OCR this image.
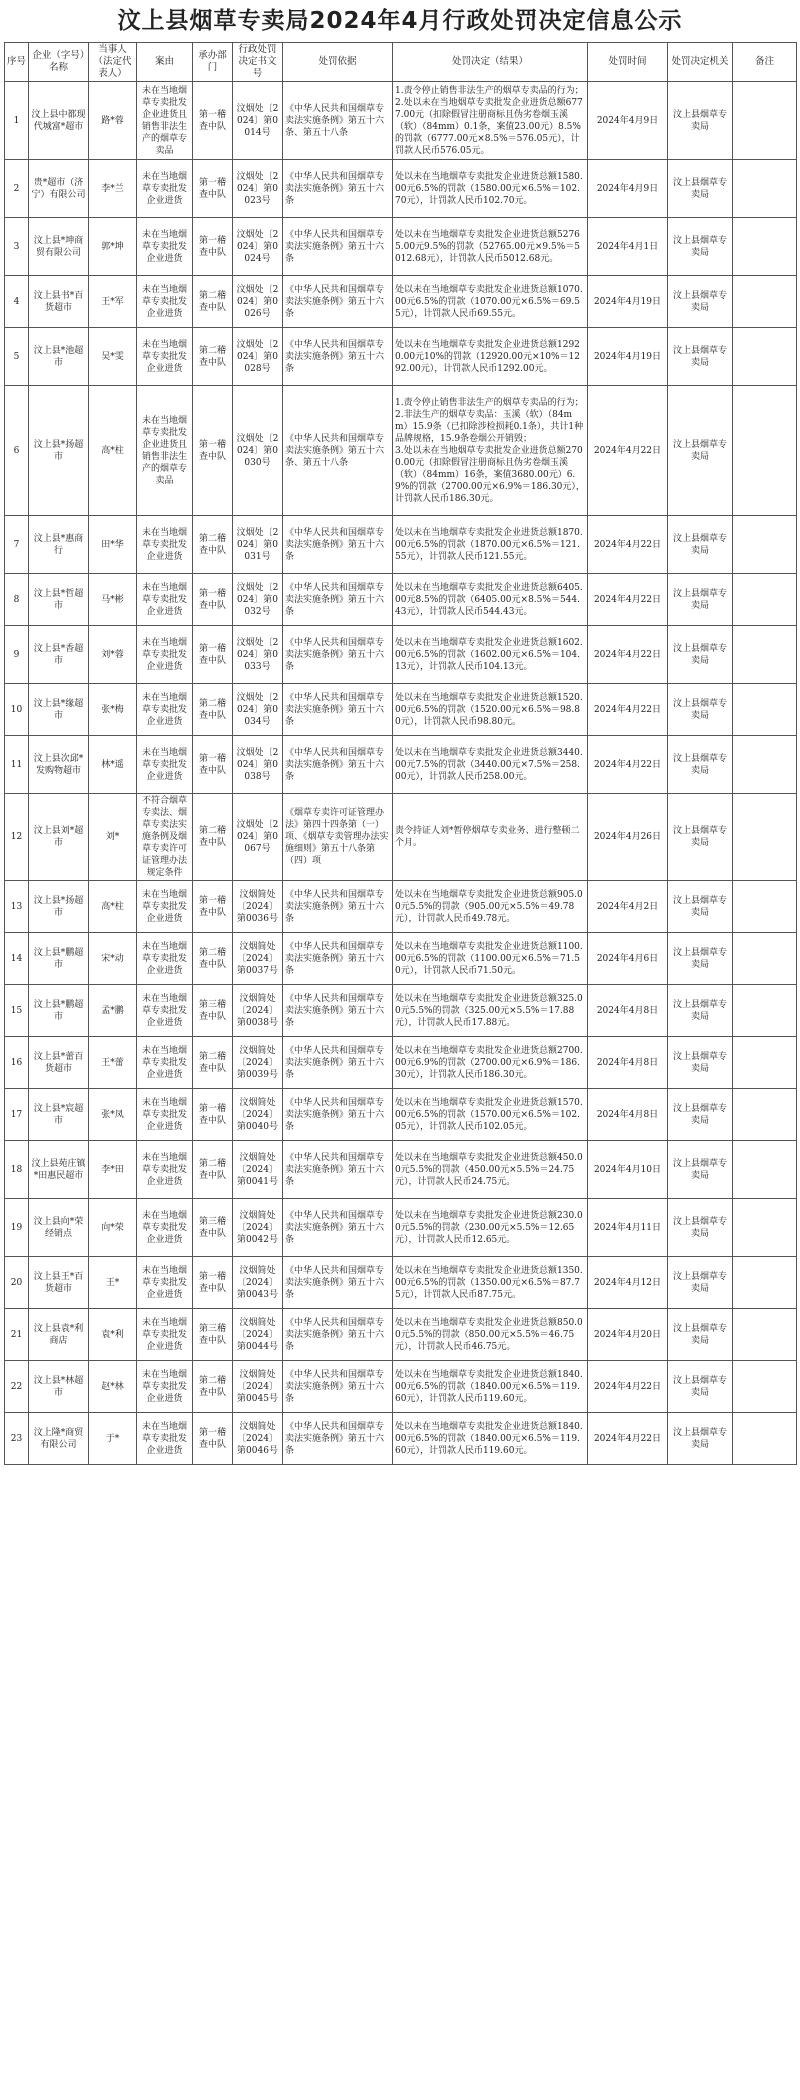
汶上县烟草专卖局2024年4月行政处罚决定信息公示
序号	企业（字号）名称	当事人（法定代表人）	案由	承办部门	行政处罚决定书文号	处罚依据	处罚决定（结果）	处罚时间	处罚决定机关	备注
1	汶上县中都现代城富*超市	路*蓉	未在当地烟草专卖批发企业进货且销售非法生产的烟草专卖品	第一稽查中队	汶烟处〔2024〕第0014号	《中华人民共和国烟草专卖法实施条例》第五十六条、第五十八条	1.责令停止销售非法生产的烟草专卖品的行为；
2.处以未在当地烟草专卖批发企业进货总额6777.00元（扣除假冒注册商标且伪劣卷烟玉溪（软）（84mm）0.1条，案值23.00元）8.5%的罚款（6777.00元×8.5%＝576.05元），计罚款人民币576.05元。	2024年4月9日	汶上县烟草专卖局	
2	贵*超市（济宁）有限公司	李*兰	未在当地烟草专卖批发企业进货	第一稽查中队	汶烟处〔2024〕第0023号	《中华人民共和国烟草专卖法实施条例》第五十六条	处以未在当地烟草专卖批发企业进货总额1580.00元6.5%的罚款（1580.00元×6.5%＝102.70元），计罚款人民币102.70元。	2024年4月9日	汶上县烟草专卖局	
3	汶上县*坤商贸有限公司	郭*坤	未在当地烟草专卖批发企业进货	第一稽查中队	汶烟处〔2024〕第0024号	《中华人民共和国烟草专卖法实施条例》第五十六条	处以未在当地烟草专卖批发企业进货总额52765.00元9.5%的罚款（52765.00元×9.5%＝5012.68元），计罚款人民币5012.68元。	2024年4月1日	汶上县烟草专卖局	
4	汶上县书*百货超市	王*军	未在当地烟草专卖批发企业进货	第二稽查中队	汶烟处〔2024〕第0026号	《中华人民共和国烟草专卖法实施条例》第五十六条	处以未在当地烟草专卖批发企业进货总额1070.00元6.5%的罚款（1070.00元×6.5%＝69.55元），计罚款人民币69.55元。	2024年4月19日	汶上县烟草专卖局	
5	汶上县*池超市	吴*雯	未在当地烟草专卖批发企业进货	第二稽查中队	汶烟处〔2024〕第0028号	《中华人民共和国烟草专卖法实施条例》第五十六条	处以未在当地烟草专卖批发企业进货总额12920.00元10%的罚款（12920.00元×10%＝1292.00元），计罚款人民币1292.00元。	2024年4月19日	汶上县烟草专卖局	
6	汶上县*扬超市	高*柱	未在当地烟草专卖批发企业进货且销售非法生产的烟草专卖品	第一稽查中队	汶烟处〔2024〕第0030号	《中华人民共和国烟草专卖法实施条例》第五十六条、第五十八条	1.责令停止销售非法生产的烟草专卖品的行为；
2.非法生产的烟草专卖品：玉溪（软）（84mm）15.9条（已扣除涉检损耗0.1条），共计1种品牌规格，15.9条卷烟公开销毁；
3.处以未在当地烟草专卖批发企业进货总额2700.00元（扣除假冒注册商标且伪劣卷烟玉溪（软）（84mm）16条，案值3680.00元）6.9%的罚款（2700.00元×6.9%＝186.30元），计罚款人民币186.30元。	2024年4月22日	汶上县烟草专卖局	
7	汶上县*惠商行	田*华	未在当地烟草专卖批发企业进货	第二稽查中队	汶烟处〔2024〕第0031号	《中华人民共和国烟草专卖法实施条例》第五十六条	处以未在当地烟草专卖批发企业进货总额1870.00元6.5%的罚款（1870.00元×6.5%＝121.55元），计罚款人民币121.55元。	2024年4月22日	汶上县烟草专卖局	
8	汶上县*哲超市	马*彬	未在当地烟草专卖批发企业进货	第一稽查中队	汶烟处〔2024〕第0032号	《中华人民共和国烟草专卖法实施条例》第五十六条	处以未在当地烟草专卖批发企业进货总额6405.00元8.5%的罚款（6405.00元×8.5%＝544.43元），计罚款人民币544.43元。	2024年4月22日	汶上县烟草专卖局	
9	汶上县*香超市	刘*蓉	未在当地烟草专卖批发企业进货	第一稽查中队	汶烟处〔2024〕第0033号	《中华人民共和国烟草专卖法实施条例》第五十六条	处以未在当地烟草专卖批发企业进货总额1602.00元6.5%的罚款（1602.00元×6.5%＝104.13元），计罚款人民币104.13元。	2024年4月22日	汶上县烟草专卖局	
10	汶上县*缘超市	张*梅	未在当地烟草专卖批发企业进货	第二稽查中队	汶烟处〔2024〕第0034号	《中华人民共和国烟草专卖法实施条例》第五十六条	处以未在当地烟草专卖批发企业进货总额1520.00元6.5%的罚款（1520.00元×6.5%＝98.80元），计罚款人民币98.80元。	2024年4月22日	汶上县烟草专卖局	
11	汶上县次邱*发购物超市	林*遥	未在当地烟草专卖批发企业进货	第一稽查中队	汶烟处〔2024〕第0038号	《中华人民共和国烟草专卖法实施条例》第五十六条	处以未在当地烟草专卖批发企业进货总额3440.00元7.5%的罚款（3440.00元×7.5%＝258.00元），计罚款人民币258.00元。	2024年4月22日	汶上县烟草专卖局	
12	汶上县刘*超市	刘*	不符合烟草专卖法、烟草专卖法实施条例及烟草专卖许可证管理办法规定条件	第二稽查中队	汶烟处〔2024〕第0067号	《烟草专卖许可证管理办法》第四十四条第（一）项、《烟草专卖管理办法实施细则》第五十八条第（四）项	责令持证人刘*暂停烟草专卖业务、进行整顿二个月。	2024年4月26日	汶上县烟草专卖局	
13	汶上县*扬超市	高*柱	未在当地烟草专卖批发企业进货	第一稽查中队	汶烟简处〔2024〕第0036号	《中华人民共和国烟草专卖法实施条例》第五十六条	处以未在当地烟草专卖批发企业进货总额905.00元5.5%的罚款（905.00元×5.5%＝49.78元），计罚款人民币49.78元。	2024年4月2日	汶上县烟草专卖局	
14	汶上县*鹏超市	宋*动	未在当地烟草专卖批发企业进货	第二稽查中队	汶烟简处〔2024〕第0037号	《中华人民共和国烟草专卖法实施条例》第五十六条	处以未在当地烟草专卖批发企业进货总额1100.00元6.5%的罚款（1100.00元×6.5%＝71.50元），计罚款人民币71.50元。	2024年4月6日	汶上县烟草专卖局	
15	汶上县*鹏超市	孟*鹏	未在当地烟草专卖批发企业进货	第三稽查中队	汶烟简处〔2024〕第0038号	《中华人民共和国烟草专卖法实施条例》第五十六条	处以未在当地烟草专卖批发企业进货总额325.00元5.5%的罚款（325.00元×5.5%＝17.88元），计罚款人民币17.88元。	2024年4月8日	汶上县烟草专卖局	
16	汶上县*蕾百货超市	王*蕾	未在当地烟草专卖批发企业进货	第二稽查中队	汶烟简处〔2024〕第0039号	《中华人民共和国烟草专卖法实施条例》第五十六条	处以未在当地烟草专卖批发企业进货总额2700.00元6.9%的罚款（2700.00元×6.9%＝186.30元），计罚款人民币186.30元。	2024年4月8日	汶上县烟草专卖局	
17	汶上县*宸超市	张*凤	未在当地烟草专卖批发企业进货	第一稽查中队	汶烟简处〔2024〕第0040号	《中华人民共和国烟草专卖法实施条例》第五十六条	处以未在当地烟草专卖批发企业进货总额1570.00元6.5%的罚款（1570.00元×6.5%＝102.05元），计罚款人民币102.05元。	2024年4月8日	汶上县烟草专卖局	
18	汶上县苑庄镇*田惠民超市	李*田	未在当地烟草专卖批发企业进货	第二稽查中队	汶烟简处〔2024〕第0041号	《中华人民共和国烟草专卖法实施条例》第五十六条	处以未在当地烟草专卖批发企业进货总额450.00元5.5%的罚款（450.00元×5.5%＝24.75元），计罚款人民币24.75元。	2024年4月10日	汶上县烟草专卖局	
19	汶上县向*荣经销点	向*荣	未在当地烟草专卖批发企业进货	第三稽查中队	汶烟简处〔2024〕第0042号	《中华人民共和国烟草专卖法实施条例》第五十六条	处以未在当地烟草专卖批发企业进货总额230.00元5.5%的罚款（230.00元×5.5%＝12.65元），计罚款人民币12.65元。	2024年4月11日	汶上县烟草专卖局	
20	汶上县王*百货超市	王*	未在当地烟草专卖批发企业进货	第一稽查中队	汶烟简处〔2024〕第0043号	《中华人民共和国烟草专卖法实施条例》第五十六条	处以未在当地烟草专卖批发企业进货总额1350.00元6.5%的罚款（1350.00元×6.5%＝87.75元），计罚款人民币87.75元。	2024年4月12日	汶上县烟草专卖局	
21	汶上县袁*利商店	袁*利	未在当地烟草专卖批发企业进货	第三稽查中队	汶烟简处〔2024〕第0044号	《中华人民共和国烟草专卖法实施条例》第五十六条	处以未在当地烟草专卖批发企业进货总额850.00元5.5%的罚款（850.00元×5.5%＝46.75元），计罚款人民币46.75元。	2024年4月20日	汶上县烟草专卖局	
22	汶上县*林超市	赵*林	未在当地烟草专卖批发企业进货	第二稽查中队	汶烟简处〔2024〕第0045号	《中华人民共和国烟草专卖法实施条例》第五十六条	处以未在当地烟草专卖批发企业进货总额1840.00元6.5%的罚款（1840.00元×6.5%＝119.60元），计罚款人民币119.60元。	2024年4月22日	汶上县烟草专卖局	
23	汶上隆*商贸有限公司	于*	未在当地烟草专卖批发企业进货	第一稽查中队	汶烟简处〔2024〕第0046号	《中华人民共和国烟草专卖法实施条例》第五十六条	处以未在当地烟草专卖批发企业进货总额1840.00元6.5%的罚款（1840.00元×6.5%＝119.60元），计罚款人民币119.60元。	2024年4月22日	汶上县烟草专卖局	
